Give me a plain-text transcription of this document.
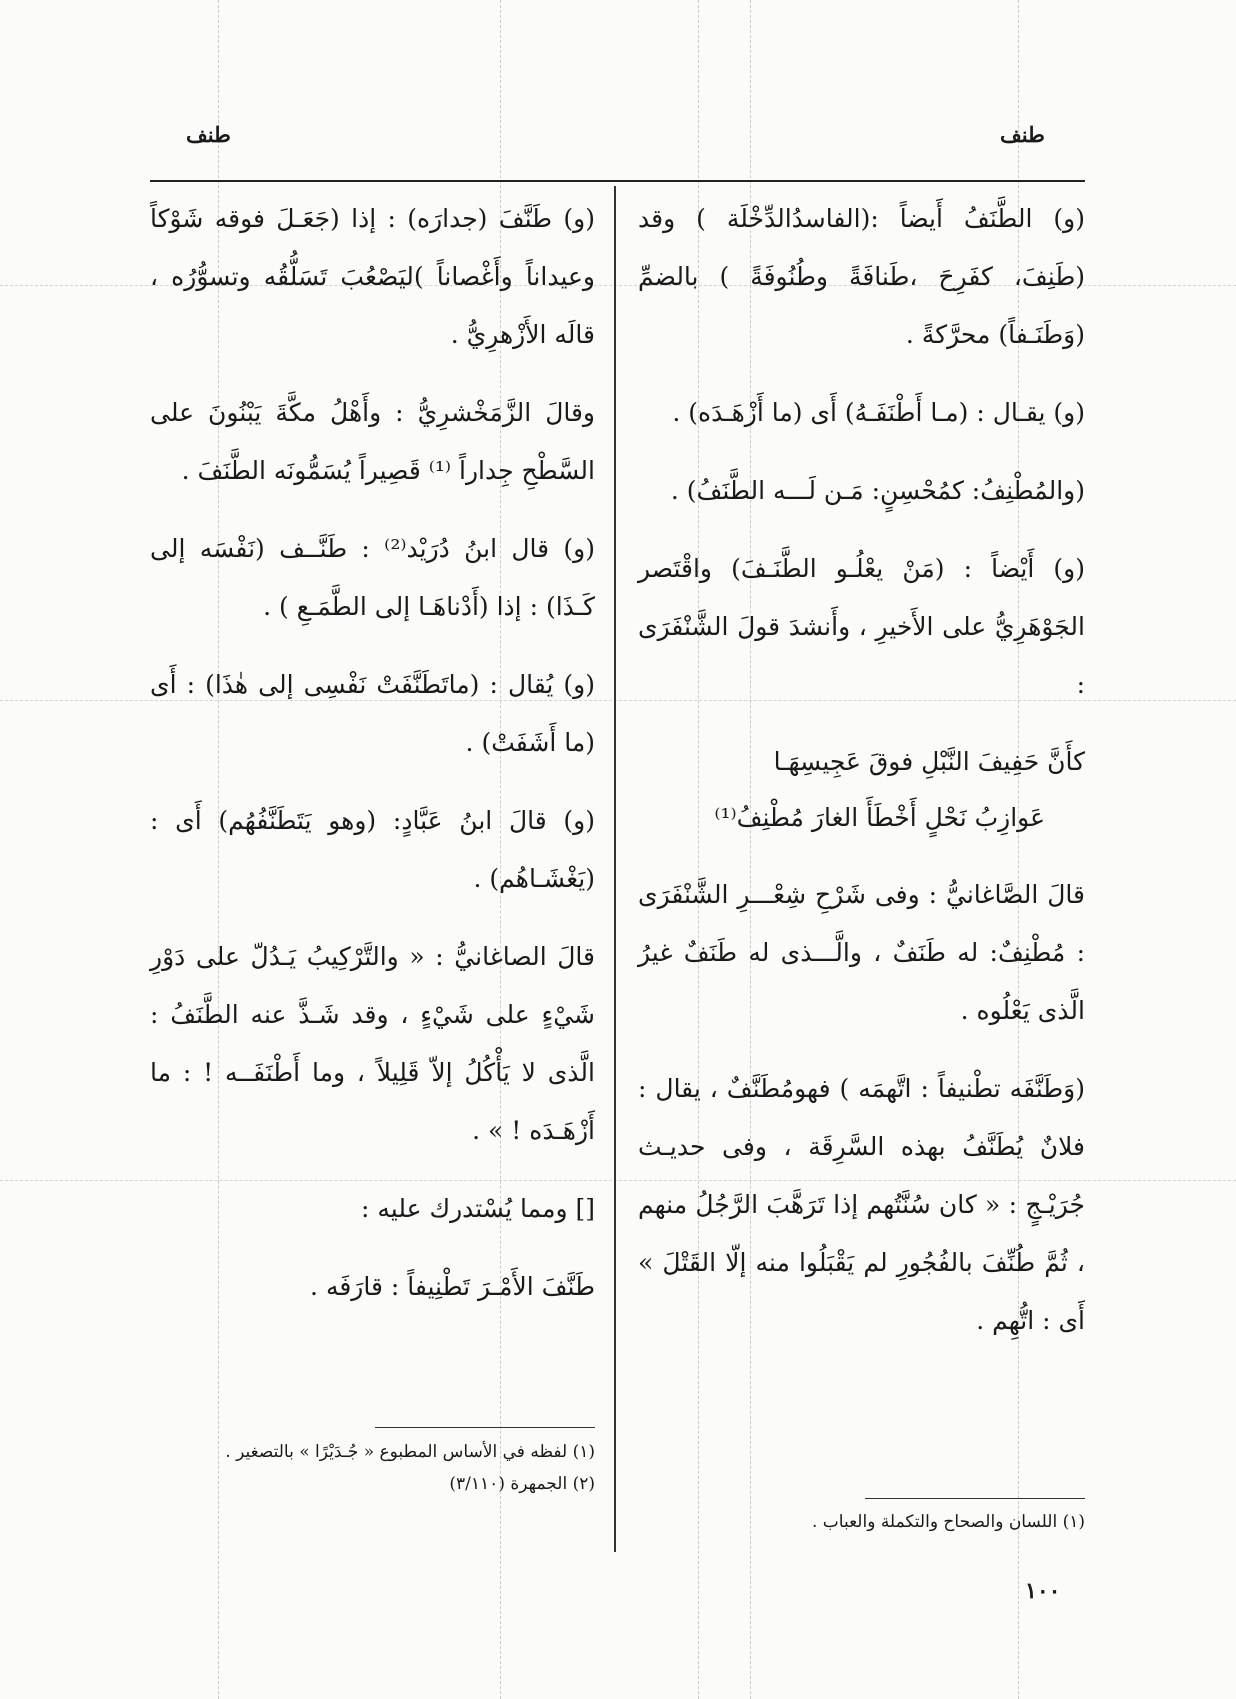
طنف	طنف

(و) الطَّنَفُ أَيضاً :(الفاسدُالدِّخْلَة ) وقد (طَنِفَ، كفَرِحَ ،طَنافَةً وطُنُوفَةً ) بالضمِّ (وَطَنَـفاً) محرَّكةً .

(و) يقـال : (مـا أَطْنَفَـهُ) أَى (ما أَزْهَـدَه) .

(والمُطْنِفُ: كمُحْسِنٍ: مَـن لَـــه الطَّنَفُ) .

(و) أَيْضاً : (مَنْ يعْلُـو الطَّنَـفَ) واقْتَصر الجَوْهَرِيُّ على الأَخيرِ ، وأَنشدَ قولَ الشَّنْفَرَى :

كأَنَّ حَفِيفَ النَّبْلِ فوقَ عَجِيسِهَـا
عَوازِبُ نَحْلٍ أَخْطَأَ الغارَ مُطْنِفُ⁽¹⁾

قالَ الصَّاغانيُّ : وفى شَرْحِ شِعْـــرِ الشَّنْفَرَى : مُطْنِفٌ: له طَنَفٌ ، والَّـــذى له طَنَفٌ غيرُ الَّذى يَعْلُوه .

(وَطَنَّفَه تطْنيفاً : اتَّهمَه ) فهومُطَنَّفٌ ، يقال : فلانٌ يُطَنَّفُ بهذه السَّرِقَة ، وفى حديـث جُرَيْـجٍ : « كان سُنَّتُهم إذا تَرَهَّبَ الرَّجُلُ منهم ، ثُمَّ طُنِّفَ بالفُجُورِ لم يَقْبَلُوا منه إلّا القَتْلَ » أَى : اتُّهِم .

(١) اللسان والصحاح والتكملة والعباب .

(و) طَنَّفَ (جدارَه) : إذا (جَعَـلَ فوقه شَوْكاً وعيداناً وأَغْصاناً )ليَصْعُبَ تَسَلُّقُه وتسوُّرُه ، قالَه الأَزْهرِيُّ .

وقالَ الزَّمَخْشرِيُّ : وأَهْلُ مكَّةَ يَبْنُونَ على السَّطْحِ جِداراً ⁽¹⁾ قَصِيراً يُسَمُّونَه الطَّنَفَ .

(و) قال ابنُ دُرَيْد⁽²⁾ : طَنَّــف (نَفْسَه إلى كَـذَا) : إذا (أَدْناهَـا إلى الطَّمَـعِ ) .

(و) يُقال : (ماتَطَنَّفَتْ نَفْسِى إلى هٰذَا) : أَى (ما أَشَفَتْ) .

(و) قالَ ابنُ عَبَّادٍ: (وهو يَتَطَنَّفُهُم) أَى : (يَغْشَـاهُم) .

قالَ الصاغانيُّ : « والتَّرْكِيبُ يَـدُلّ على دَوْرِ شَيْءٍ على شَيْءٍ ، وقد شَـذَّ عنه الطَّنَفُ : الَّذى لا يَأْكُلُ إلاّ قَلِيلاً ، وما أَطْنَفَــه ! : ما أَزْهَـدَه ! » .

[] ومما يُسْتدرك عليه :

طَنَّفَ الأَمْـرَ تَطْنِيفاً : قارَفَه .

(١) لفظه في الأساس المطبوع « جُـدَيْرًا » بالتصغير .
(٢) الجمهرة (٣/١١٠)
١٠٠
